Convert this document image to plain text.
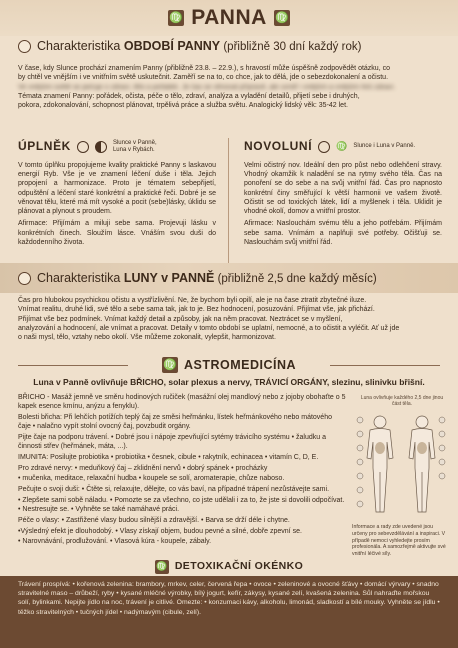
♍ PANNA ♍
Charakteristika OBDOBÍ PANNY (přibližně 30 dní každý rok)

V čase, kdy Slunce prochází znamením Panny (přibližně 23.8. – 22.9.), s hravostí může úspěšně zodpovědět otázku, co

by chtěl ve vnějším i ve vnitřním světě uskutečnit. Zaměří se na to, co chce, jak to dělá, jde o sebezdokonalení a očistu.

Ve vnějším světě se pečuje o zdraví, tělo a pořádek. Je čas se věnovat přípravě, ale uvnitř i vnějším a vnějším řeči zdraví.

Témata znamení Panny: pořádek, očista, péče o tělo, zdraví, analýza a vyladění detailů, přijetí sebe i druhých,

pokora, zdokonalování, schopnost plánovat, trpělivá práce a služba světu. Analogický lidský věk: 35-42 let.

ÚPLNĚK	Slunce v Panně,
Luna v Rybách.

V tomto úplňku propojujeme kvality praktické Panny s laskavou energií Ryb. Vše je ve znamení léčení duše i těla. Jejich propojení a harmonizace. Proto je tématem sebepřijetí, odpuštění a léčení staré konkrétní a praktické řeči. Dobré je se věnovat tělu, které má mít vysoké a pocit (sebe)lásky, úklidu se plánovat a plynout s proudem.

Afirmace: Přijímám a miluji sebe sama. Projevuji lásku v konkrétních činech. Sloužím lásce. Vnáším svou duši do každodenního života.

NOVOLUNÍ	♍ Slunce i Luna v Panně.

Velmi očistný nov. Ideální den pro půst nebo odlehčení stravy. Vhodný okamžik k naladění se na rytmy svého těla. Čas na ponoření se do sebe a na svůj vnitřní řád. Čas pro napnosto konkrétní činy směřující k větší harmonii ve vašem životě. Očistit se od toxických látek, lidí a myšlenek i těla. Uklidit je vhodné okolí, domov a vnitřní prostor.

Afirmace: Naslouchám svému tělu a jeho potřebám. Přijímám sebe sama. Vnímám a naplňuji své potřeby. Očišťuji se. Naslouchám svůj vnitřní řád.

Charakteristika LUNY v PANNĚ (přibližně 2,5 dne každý měsíc)

Čas pro hlubokou psychickou očistu a vystřízlivění. Ne, že bychom byli opilí, ale je na čase ztratit zbytečné iluze.

Vnímat realitu, druhé lidi, své tělo a sebe sama tak, jak to je. Bez hodnocení, posuzování. Přijímat vše, jak přichází.

Přijímat vše bez podmínek. Vnímat každý detail a způsoby, jak na něm pracovat. Neztrácet se v myšlení,

analyzování a hodnocení, ale vnímat a pracovat. Detaily v tomto období se uplatní, nemocné, a to očistit a vyléčit. Ať už jde

o naši mysl, tělo, vztahy nebo okolí. Vše můžeme zokonalit, vylepšit, harmonizovat.

♍ ASTROMEDICÍNA
Luna v Panně ovlivňuje BŘICHO, solar plexus a nervy, TRÁVICÍ ORGÁNY, slezinu, slinivku břišní.

BŘICHO - Masáž jemně ve směru hodinových ručiček (masážní olej mandlový nebo z jojoby obohaťte o 5 kapek esence kmínu, anýzu a fenyklu).

Bolesti břicha: Při lehčích potížích teplý čaj ze směsi heřmánku, lístek heřmánkového nebo mátového čaje • nalačno vypít stolní ovocný čaj, povzbudit orgány.

Pijte čaje na podporu trávení. • Dobré jsou i nápoje zpevňující sytémy trávicího systému • žaludku a činnosti střev (heřmánek, máta, ...).

IMUNITA: Posilujte probiotika • probiotika • česnek, cibule • rakytník, echinacea • vitamín C, D, E.

Pro zdravé nervy: • meduňkový čaj – zklidnění nervů • dobrý spánek • procházky

• mučenka, meditace, relaxační hudba • koupele se solí, aromaterapie, chůze naboso.

Pečujte o svoji duši: • Čtěte si, relaxujte, dělejte, co vás baví, na případné trápení nezůstávejte sami.

• Zlepšete sami sobě náladu. • Pomozte se za všechno, co jste udělali i za to, že jste si dovolili odpočívat. • Nestresujte se. • Vyhněte se také namáhavé práci.

Péče o vlasy: • Zastřižené vlasy budou silnější a zdravější. • Barva se drží déle i chytne.

•Výsledný efekt je dlouhodobý. • Vlasy získají objem, budou pevné a silné, dobře zpevní se.

• Narovnávání, prodlužování. • Vlasová kúra - koupele, zábaly.

Luna ovlivňuje každého 2,5 dne jinou část těla.
Informace a rady zde uvedené jsou určeny pro sebevzdělávání a inspiraci. V případě nemoci vyhledejte prosím profesionála. A samozřejmě aktivujte své vnitřní léčivé síly.
♍ DETOXIKAČNÍ OKÉNKO

Trávení prospívá: • kořenová zelenina: brambory, mrkev, celer, červená řepa • ovoce • zeleninové a ovocné šťávy • domácí výrvary • snadno stravitelné maso – drůbeží, ryby • kysané mléčné výrobky, bílý jogurt, kefír, zákysy, kysané zelí, kvašená zelenina. Sůl nahraďte mořskou solí, bylinkami. Nepijte jídlo na noc, trávení je citlivé. Omezte: • konzumaci kávy, alkoholu, limonád, sladkostí a bílé mouky. Vyhněte se jídlu • těžko stravitelných • tučných jídel • nadýmavým (cibule, zelí).
